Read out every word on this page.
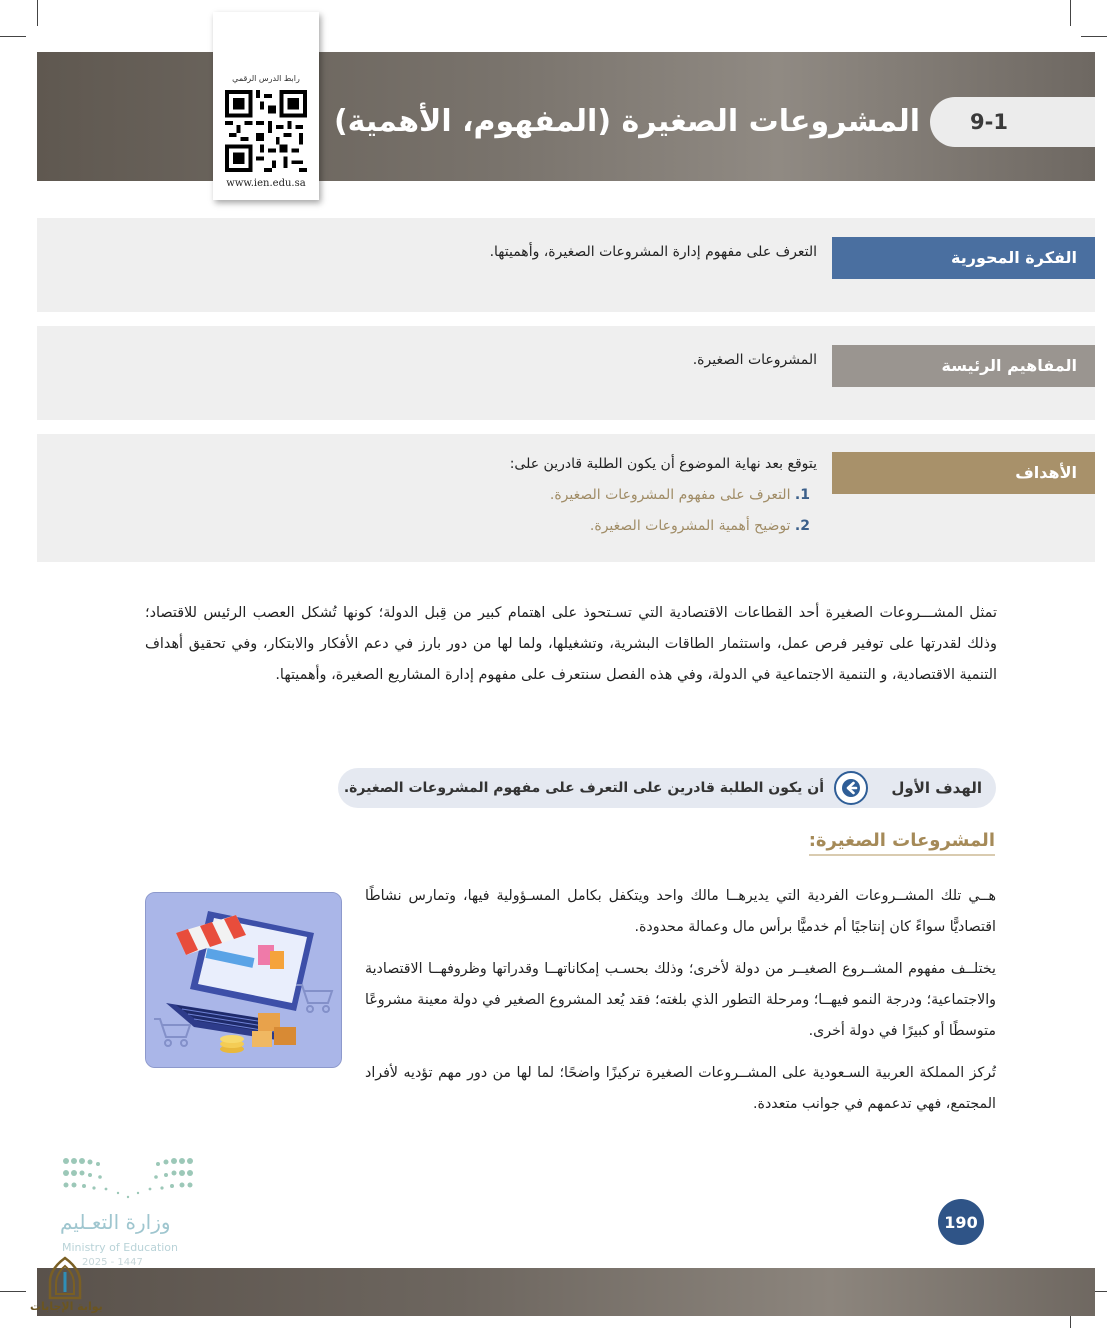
9-1
المشروعات الصغيرة (المفهوم، الأهمية)
رابط الدرس الرقمي
www.ien.edu.sa
الفكرة المحورية
التعرف على مفهوم إدارة المشروعات الصغيرة، وأهميتها.
المفاهيم الرئيسة
المشروعات الصغيرة.
الأهداف
يتوقع بعد نهاية الموضوع أن يكون الطلبة قادرين على:
1. التعرف على مفهوم المشروعات الصغيرة.
2. توضيح أهمية المشروعات الصغيرة.
تمثل المشـــروعات الصغيرة أحد القطاعات الاقتصادية التي تسـتحوذ على اهتمام كبير من قِبل الدولة؛ كونها تُشكل العصب الرئيس للاقتصاد؛ وذلك لقدرتها على توفير فرص عمل، واستثمار الطاقات البشرية، وتشغيلها، ولما لها من دور بارز في دعم الأفكار والابتكار، وفي تحقيق أهداف التنمية الاقتصادية، و التنمية الاجتماعية في الدولة، وفي هذه الفصل سنتعرف على مفهوم إدارة المشاريع الصغيرة، وأهميتها.
الهدف الأول
أن يكون الطلبة قادرين على التعرف على مفهوم المشروعات الصغيرة.
المشروعات الصغيرة:
هــي تلك المشــروعات الفردية التي يديرهــا مالك واحد ويتكفل بكامل المسـؤولية فيها، وتمارس نشاطًا اقتصاديًّا سواءً كان إنتاجيًا أم خدميًّا برأس مال وعمالة محدودة.
يختلــف مفهوم المشــروع الصغيــر من دولة لأخرى؛ وذلك بحسـب إمكاناتهــا وقدراتها وظروفهــا الاقتصادية والاجتماعية؛ ودرجة النمو فيهــا؛ ومرحلة التطور الذي بلغته؛ فقد يُعد المشروع الصغير في دولة معينة مشروعًا متوسطًا أو كبيرًا في دولة أخرى.
تُركز المملكة العربية السـعودية على المشــروعات الصغيرة تركيزًا واضحًا؛ لما لها من دور مهم تؤديه لأفراد المجتمع، فهي تدعمهم في جوانب متعددة.
190
وزارة التعـليم
Ministry of Education
2025 - 1447
بوابة الإجابات
